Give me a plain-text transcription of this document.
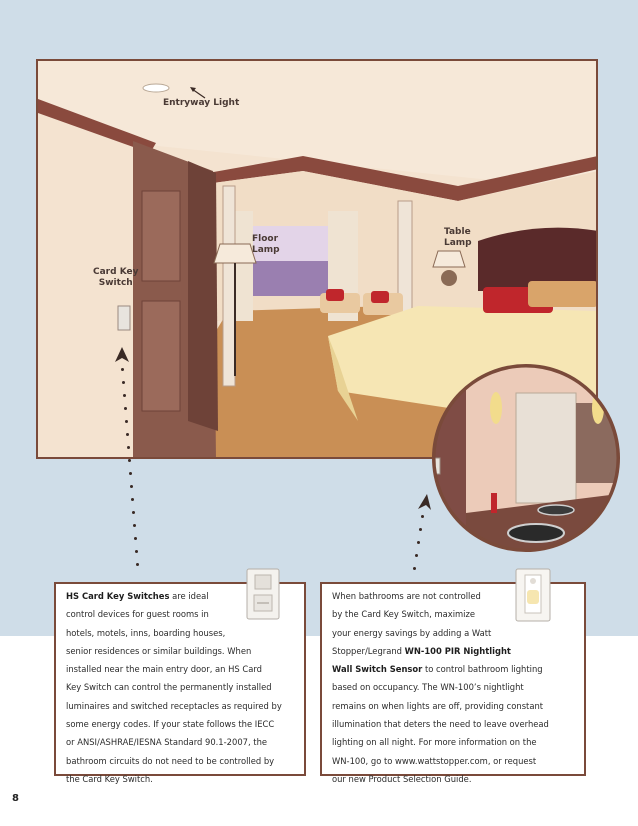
Entryway Light
Floor
Lamp
Table
Lamp
Card Key
Switch

HS Card Key Switches are ideal

control devices for guest rooms in

hotels, motels, inns, boarding houses,

senior residences or similar buildings. When

installed near the main entry door, an HS Card

Key Switch can control the permanently installed

luminaires and switched receptacles as required by

some energy codes. If your state follows the IECC

or ANSI/ASHRAE/IESNA Standard 90.1-2007, the

bathroom circuits do not need to be controlled by

the Card Key Switch.

When bathrooms are not controlled

by the Card Key Switch, maximize

your energy savings by adding a Watt

Stopper/Legrand WN-100 PIR Nightlight

Wall Switch Sensor to control bathroom lighting

based on occupancy. The WN-100’s nightlight

remains on when lights are off, providing constant

illumination that deters the need to leave overhead

lighting on all night. For more information on the

WN-100, go to www.wattstopper.com, or request

our new Product Selection Guide.

8
